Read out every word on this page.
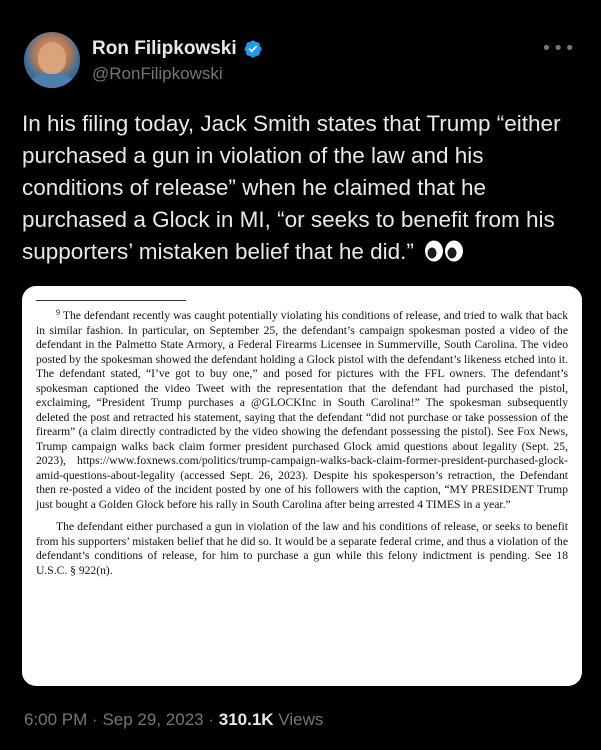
Ron Filipkowski
@RonFilipkowski
•••
In his filing today, Jack Smith states that Trump “either purchased a gun in violation of the law and his conditions of release” when he claimed that he purchased a Glock in MI, “or seeks to benefit from his supporters’ mistaken belief that he did.”

$^9$ The defendant recently was caught potentially violating his conditions of release, and tried to walk that back in similar fashion. In particular, on September 25, the defendant’s campaign spokesman posted a video of the defendant in the Palmetto State Armory, a Federal Firearms Licensee in Summerville, South Carolina. The video posted by the spokesman showed the defendant holding a Glock pistol with the defendant’s likeness etched into it. The defendant stated, “I’ve got to buy one,” and posed for pictures with the FFL owners. The defendant’s spokesman captioned the video Tweet with the representation that the defendant had purchased the pistol, exclaiming, “President Trump purchases a @GLOCKInc in South Carolina!” The spokesman subsequently deleted the post and retracted his statement, saying that the defendant “did not purchase or take possession of the firearm” (a claim directly contradicted by the video showing the defendant possessing the pistol). See Fox News, Trump campaign walks back claim former president purchased Glock amid questions about legality (Sept. 25, 2023), https://www.foxnews.com/politics/trump-campaign-walks-back-claim-former-president-purchased-glock-amid-questions-about-legality (accessed Sept. 26, 2023). Despite his spokesperson’s retraction, the Defendant then re-posted a video of the incident posted by one of his followers with the caption, “MY PRESIDENT Trump just bought a Golden Glock before his rally in South Carolina after being arrested 4 TIMES in a year.”

The defendant either purchased a gun in violation of the law and his conditions of release, or seeks to benefit from his supporters’ mistaken belief that he did so. It would be a separate federal crime, and thus a violation of the defendant’s conditions of release, for him to purchase a gun while this felony indictment is pending. See 18 U.S.C. § 922(n).

6:00 PM · Sep 29, 2023 · 310.1K Views
